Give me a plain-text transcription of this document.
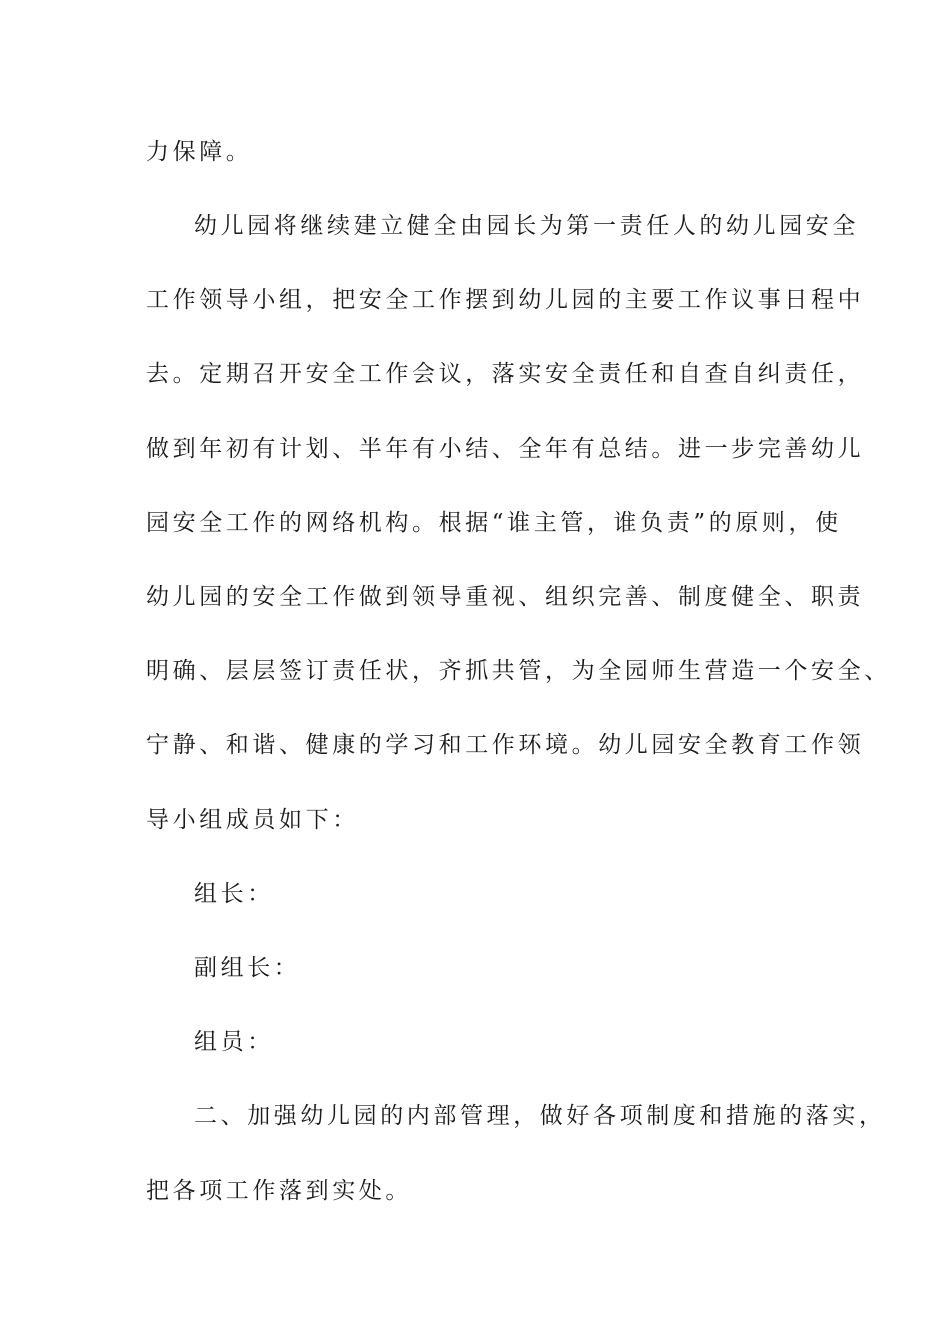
力保障。
幼儿园将继续建立健全由园长为第一责任人的幼儿园安全
工作领导小组，把安全工作摆到幼儿园的主要工作议事日程中
去。定期召开安全工作会议，落实安全责任和自查自纠责任，
做到年初有计划、半年有小结、全年有总结。进一步完善幼儿
园安全工作的网络机构。根据“谁主管，谁负责”的原则，使
幼儿园的安全工作做到领导重视、组织完善、制度健全、职责
明确、层层签订责任状，齐抓共管，为全园师生营造一个安全、
宁静、和谐、健康的学习和工作环境。幼儿园安全教育工作领
导小组成员如下：
组长：
副组长：
组员：
二、加强幼儿园的内部管理，做好各项制度和措施的落实，
把各项工作落到实处。
